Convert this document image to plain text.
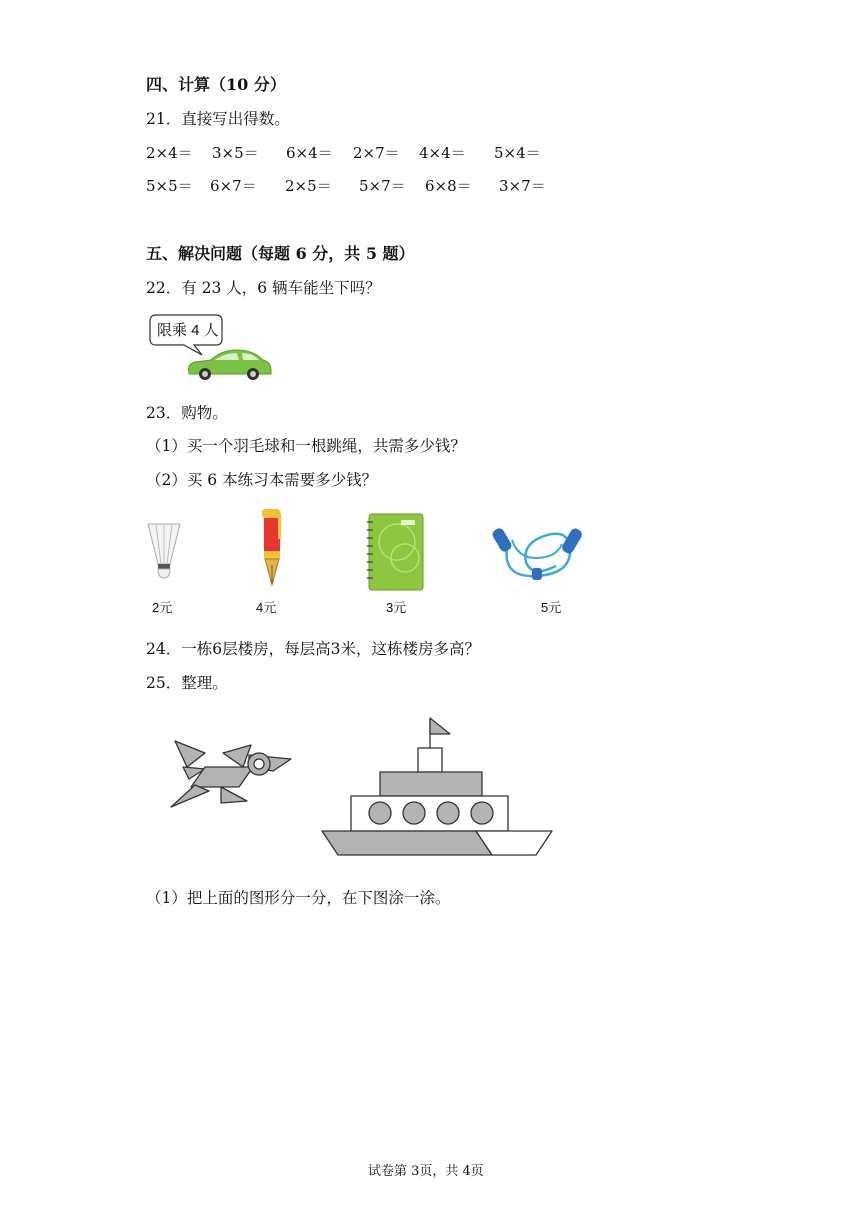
四、计算（10 分）
21．直接写出得数。
2×4＝ 3×5＝ 6×4＝ 2×7＝ 4×4＝ 5×4＝
5×5＝ 6×7＝ 2×5＝ 5×7＝ 6×8＝ 3×7＝
五、解决问题（每题 6 分，共 5 题）
22．有 23 人，6 辆车能坐下吗？
限乘 4 人
23．购物。
（1）买一个羽毛球和一根跳绳，共需多少钱？
（2）买 6 本练习本需要多少钱？
2元	4元	3元	5元
24．一栋6层楼房，每层高3米，这栋楼房多高？
25．整理。
（1）把上面的图形分一分，在下图涂一涂。
试卷第 3页，共 4页
